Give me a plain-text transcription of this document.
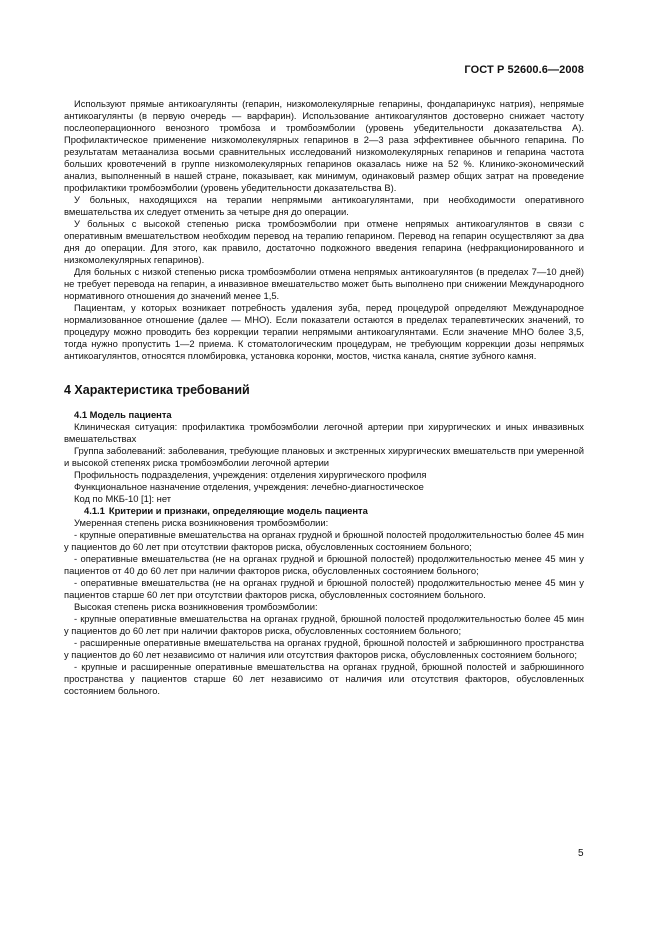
ГОСТ Р 52600.6—2008

Используют прямые антикоагулянты (гепарин, низкомолекулярные гепарины, фондапаринукс натрия), непрямые антикоагулянты (в первую очередь — варфарин). Использование антикоагулянтов достоверно снижает частоту послеоперационного венозного тромбоза и тромбоэмболии (уровень убедительности доказательства А). Профилактическое применение низкомолекулярных гепаринов в 2—3 раза эффективнее обычного гепарина. По результатам метаанализа восьми сравнительных исследований низкомолекулярных гепаринов и гепарина частота больших кровотечений в группе низкомолекулярных гепаринов оказалась ниже на 52 %. Клинико-экономический анализ, выполненный в нашей стране, показывает, как минимум, одинаковый размер общих затрат на проведение профилактики тромбоэмболии (уровень убедительности доказательства В).

У больных, находящихся на терапии непрямыми антикоагулянтами, при необходимости оперативного вмешательства их следует отменить за четыре дня до операции.

У больных с высокой степенью риска тромбоэмболии при отмене непрямых антикоагулянтов в связи с оперативным вмешательством необходим перевод на терапию гепарином. Перевод на гепарин осуществляют за два дня до операции. Для этого, как правило, достаточно подкожного введения гепарина (нефракционированного и низкомолекулярных гепаринов).

Для больных с низкой степенью риска тромбоэмболии отмена непрямых антикоагулянтов (в пределах 7—10 дней) не требует перевода на гепарин, а инвазивное вмешательство может быть выполнено при снижении Международного нормативного отношения до значений менее 1,5.

Пациентам, у которых возникает потребность удаления зуба, перед процедурой определяют Международное нормализованное отношение (далее — МНО). Если показатели остаются в пределах терапевтических значений, то процедуру можно проводить без коррекции терапии непрямыми антикоагулянтами. Если значение МНО более 3,5, тогда нужно пропустить 1—2 приема. К стоматологическим процедурам, не требующим коррекции дозы непрямых антикоагулянтов, относятся пломбировка, установка коронки, мостов, чистка канала, снятие зубного камня.

4 Характеристика требований

4.1 Модель пациента

Клиническая ситуация: профилактика тромбоэмболии легочной артерии при хирургических и иных инвазивных вмешательствах

Группа заболеваний: заболевания, требующие плановых и экстренных хирургических вмешательств при умеренной и высокой степенях риска тромбоэмболии легочной артерии

Профильность подразделения, учреждения: отделения хирургического профиля

Функциональное назначение отделения, учреждения: лечебно-диагностическое

Код по МКБ-10 [1]: нет

4.1.1 Критерии и признаки, определяющие модель пациента

Умеренная степень риска возникновения тромбоэмболии:

- крупные оперативные вмешательства на органах грудной и брюшной полостей продолжительностью более 45 мин у пациентов до 60 лет при отсутствии факторов риска, обусловленных состоянием больного;

- оперативные вмешательства (не на органах грудной и брюшной полостей) продолжительностью менее 45 мин у пациентов от 40 до 60 лет при наличии факторов риска, обусловленных состоянием больного;

- оперативные вмешательства (не на органах грудной и брюшной полостей) продолжительностью менее 45 мин у пациентов старше 60 лет при отсутствии факторов риска, обусловленных состоянием больного.

Высокая степень риска возникновения тромбоэмболии:

- крупные оперативные вмешательства на органах грудной, брюшной полостей продолжительностью более 45 мин у пациентов до 60 лет при наличии факторов риска, обусловленных состоянием больного;

- расширенные оперативные вмешательства на органах грудной, брюшной полостей и забрюшинного пространства у пациентов до 60 лет независимо от наличия или отсутствия факторов риска, обусловленных состоянием больного;

- крупные и расширенные оперативные вмешательства на органах грудной, брюшной полостей и забрюшинного пространства у пациентов старше 60 лет независимо от наличия или отсутствия факторов, обусловленных состоянием больного.

5
